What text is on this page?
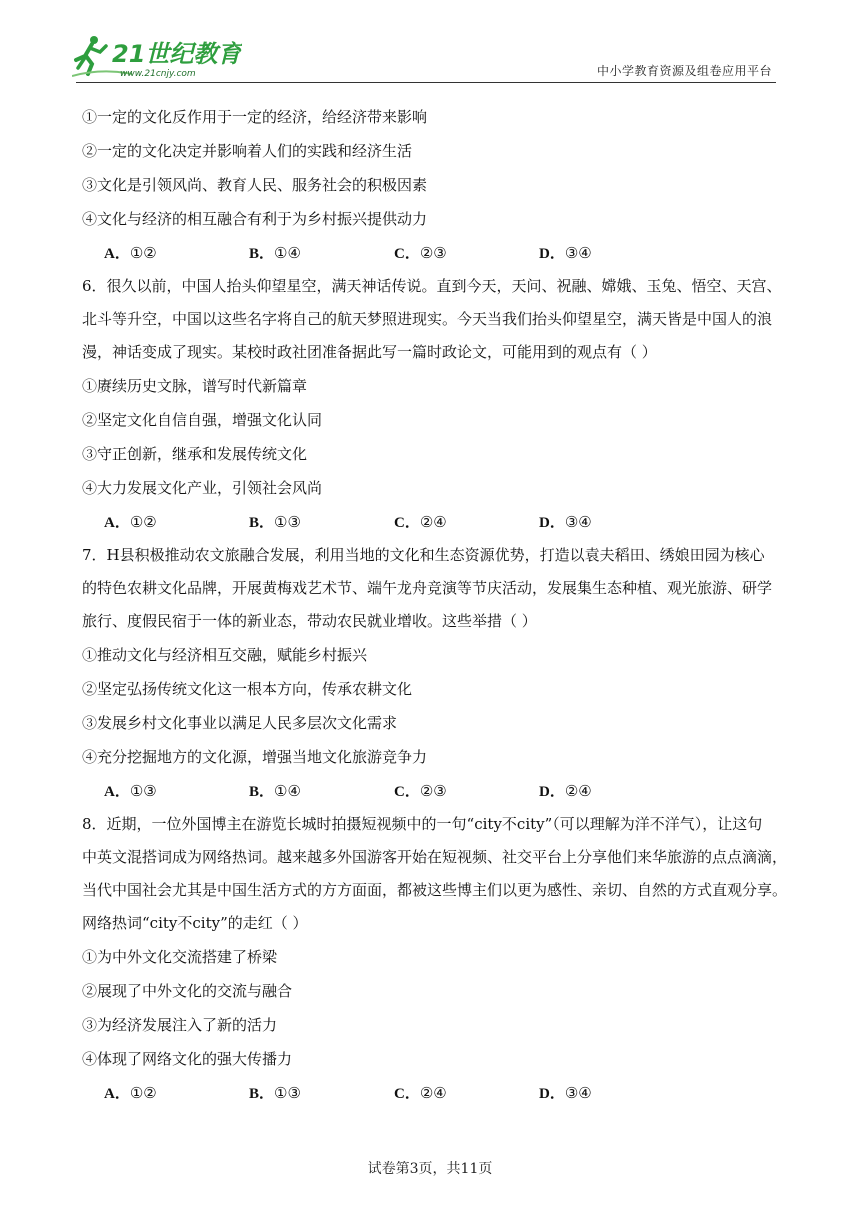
21世纪教育
www.21cnjy.com	中小学教育资源及组卷应用平台
①一定的文化反作用于一定的经济，给经济带来影响
②一定的文化决定并影响着人们的实践和经济生活
③文化是引领风尚、教育人民、服务社会的积极因素
④文化与经济的相互融合有利于为乡村振兴提供动力
A．①②	B．①④	C．②③	D．③④
6．很久以前，中国人抬头仰望星空，满天神话传说。直到今天，天问、祝融、嫦娥、玉兔、悟空、天宫、
北斗等升空，中国以这些名字将自己的航天梦照进现实。今天当我们抬头仰望星空，满天皆是中国人的浪
漫，神话变成了现实。某校时政社团准备据此写一篇时政论文，可能用到的观点有（ ）
①赓续历史文脉，谱写时代新篇章
②坚定文化自信自强，增强文化认同
③守正创新，继承和发展传统文化
④大力发展文化产业，引领社会风尚
A．①②	B．①③	C．②④	D．③④
7．H县积极推动农文旅融合发展，利用当地的文化和生态资源优势，打造以袁夫稻田、绣娘田园为核心
的特色农耕文化品牌，开展黄梅戏艺术节、端午龙舟竞演等节庆活动，发展集生态种植、观光旅游、研学
旅行、度假民宿于一体的新业态，带动农民就业增收。这些举措（ ）
①推动文化与经济相互交融，赋能乡村振兴
②坚定弘扬传统文化这一根本方向，传承农耕文化
③发展乡村文化事业以满足人民多层次文化需求
④充分挖掘地方的文化源，增强当地文化旅游竞争力
A．①③	B．①④	C．②③	D．②④
8．近期，一位外国博主在游览长城时拍摄短视频中的一句“city不city”（可以理解为洋不洋气），让这句
中英文混搭词成为网络热词。越来越多外国游客开始在短视频、社交平台上分享他们来华旅游的点点滴滴，
当代中国社会尤其是中国生活方式的方方面面，都被这些博主们以更为感性、亲切、自然的方式直观分享。
网络热词“city不city”的走红（ ）
①为中外文化交流搭建了桥梁
②展现了中外文化的交流与融合
③为经济发展注入了新的活力
④体现了网络文化的强大传播力
A．①②	B．①③	C．②④	D．③④
试卷第3页，共11页
